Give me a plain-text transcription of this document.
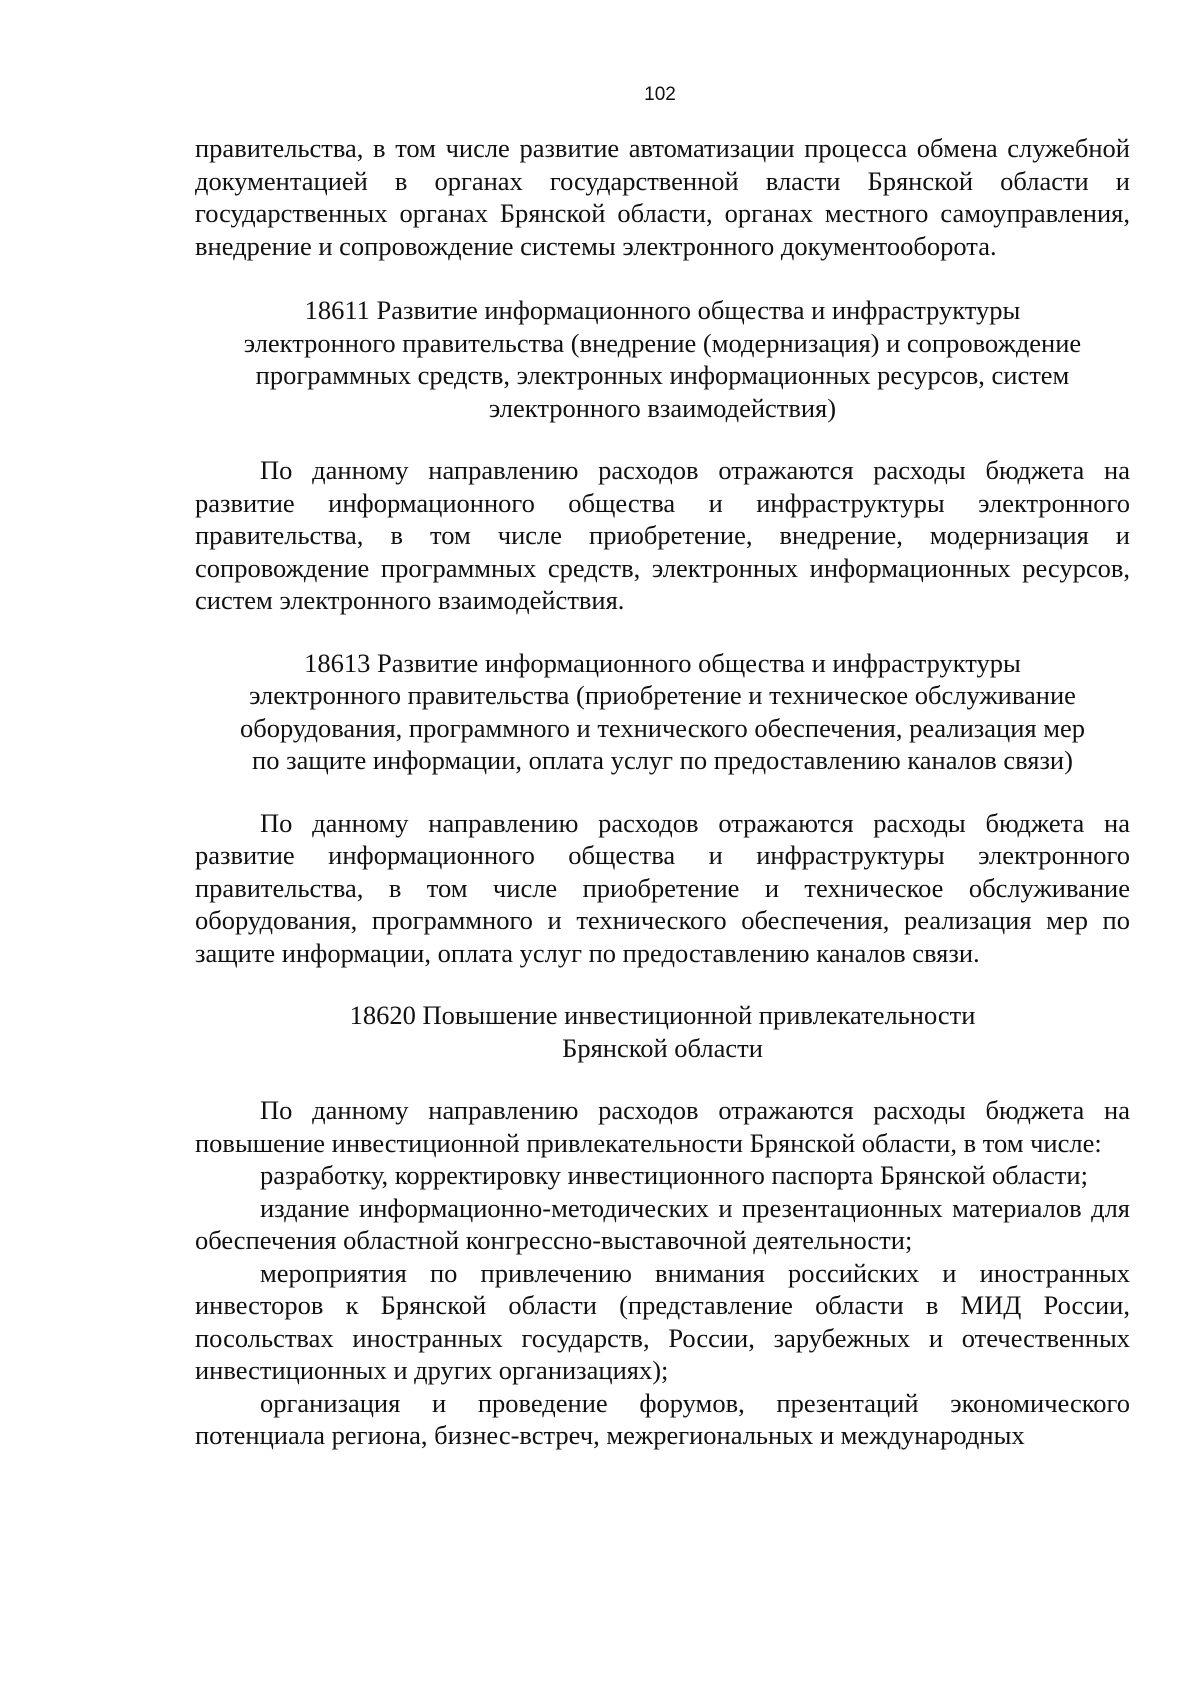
102

правительства, в том числе развитие автоматизации процесса обмена служебной документацией в органах государственной власти Брянской области и государственных органах Брянской области, органах местного самоуправления, внедрение и сопровождение системы электронного документооборота.

18611 Развитие информационного общества и инфраструктуры
электронного правительства (внедрение (модернизация) и сопровождение
программных средств, электронных информационных ресурсов, систем
электронного взаимодействия)

По данному направлению расходов отражаются расходы бюджета на развитие информационного общества и инфраструктуры электронного правительства, в том числе приобретение, внедрение, модернизация и сопровождение программных средств, электронных информационных ресурсов, систем электронного взаимодействия.

18613 Развитие информационного общества и инфраструктуры
электронного правительства (приобретение и техническое обслуживание
оборудования, программного и технического обеспечения, реализация мер
по защите информации, оплата услуг по предоставлению каналов связи)

По данному направлению расходов отражаются расходы бюджета на развитие информационного общества и инфраструктуры электронного правительства, в том числе приобретение и техническое обслуживание оборудования, программного и технического обеспечения, реализация мер по защите информации, оплата услуг по предоставлению каналов связи.

18620 Повышение инвестиционной привлекательности
Брянской области

По данному направлению расходов отражаются расходы бюджета на повышение инвестиционной привлекательности Брянской области, в том числе:

разработку, корректировку инвестиционного паспорта Брянской области;

издание информационно-методических и презентационных материалов для обеспечения областной конгрессно-выставочной деятельности;

мероприятия по привлечению внимания российских и иностранных инвесторов к Брянской области (представление области в МИД России, посольствах иностранных государств, России, зарубежных и отечественных инвестиционных и других организациях);

организация и проведение форумов, презентаций экономического потенциала региона, бизнес-встреч, межрегиональных и международных
